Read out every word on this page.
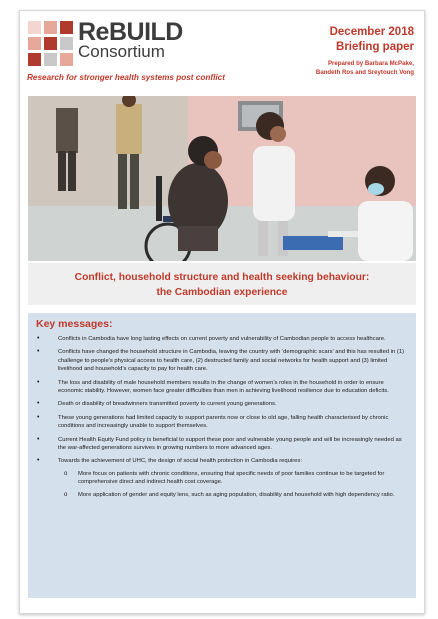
ReBUILD
Consortium
Research for stronger health systems post conflict
December 2018
Briefing paper
Prepared by Barbara McPake,
Bandeth Ros and Sreytouch Vong
Conflict, household structure and health seeking behaviour:
the Cambodian experience
Key messages:
• Conflicts in Cambodia have long lasting effects on current poverty and vulnerability of Cambodian people to access healthcare.
• Conflicts have changed the household structure in Cambodia, leaving the country with ‘demographic scars’ and this has resulted in (1) challenge to people’s physical access to health care, (2) destructed family and social networks for health support and (3) limited livelihood and household’s capacity to pay for health care.
• The loss and disability of male household members results in the change of women’s roles in the household in order to ensure economic stability. However, women face greater difficulties than men in achieving livelihood resilience due to education deficits.
• Death or disability of breadwinners transmitted poverty to current young generations.
• These young generations had limited capacity to support parents now or close to old age, falling health characterised by chronic conditions and increasingly unable to support themselves.
• Current Health Equity Fund policy is beneficial to support these poor and vulnerable young people and will be increasingly needed as the war-affected generations survives in growing numbers to more advanced ages.
• Towards the achievement of UHC, the design of social health protection in Cambodia requires:
o More focus on patients with chronic conditions, ensuring that specific needs of poor families continue to be targeted for comprehensive direct and indirect health cost coverage.
o More application of gender and equity lens, such as aging population, disability and household with high dependency ratio.
